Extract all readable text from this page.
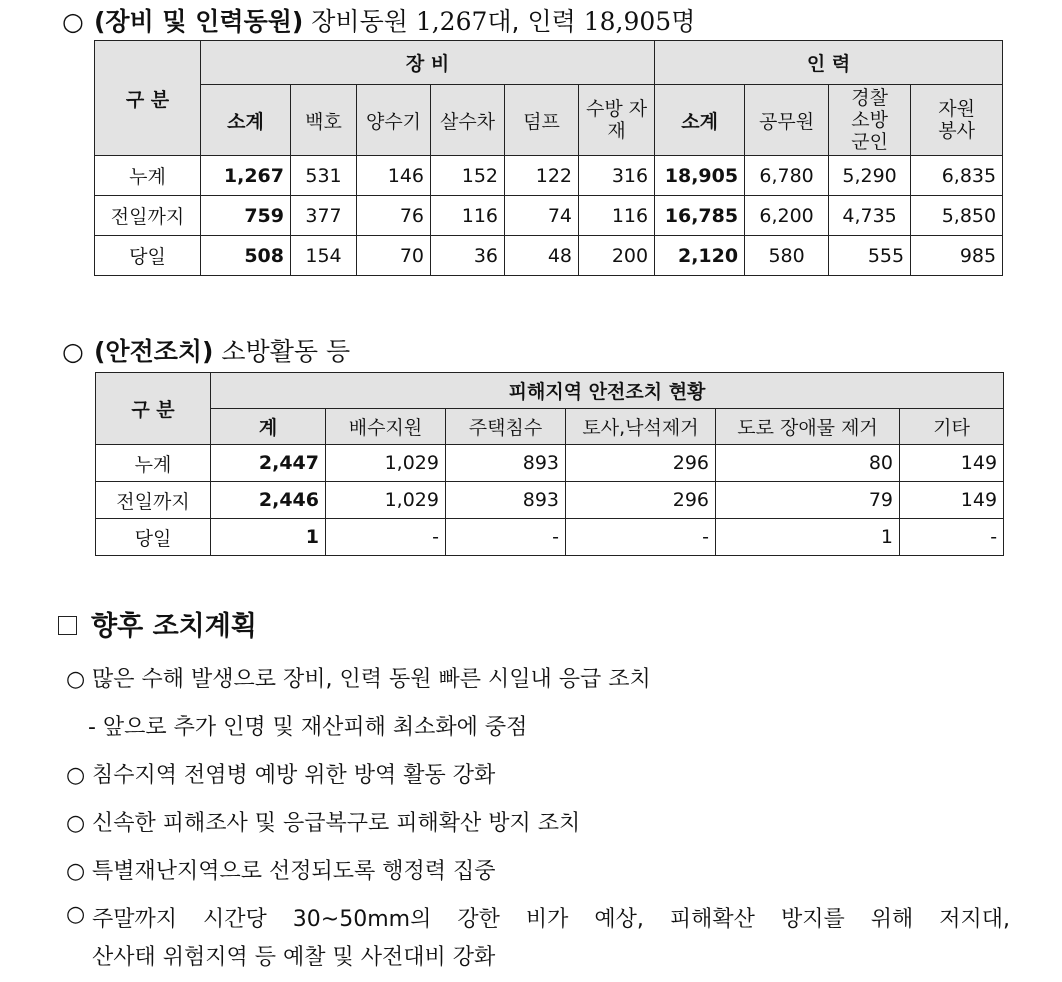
○ (장비 및 인력동원) 장비동원 1,267대, 인력 18,905명
구 분	장 비						인 력			
	소계	백호	양수기	살수차	덤프	수방 자재	소계	공무원	경찰 소방 군인	자원 봉사
누계	1,267	531	146	152	122	316	18,905	6,780	5,290	6,835
전일까지	759	377	76	116	74	116	16,785	6,200	4,735	5,850
당일	508	154	70	36	48	200	2,120	580	555	985
○ (안전조치) 소방활동 등
구 분	피해지역 안전조치 현황					
	계	배수지원	주택침수	토사,낙석제거	도로 장애물 제거	기타
누계	2,447	1,029	893	296	80	149
전일까지	2,446	1,029	893	296	79	149
당일	1	-	-	-	1	-
향후 조치계획
○ 많은 수해 발생으로 장비, 인력 동원 빠른 시일내 응급 조치
- 앞으로 추가 인명 및 재산피해 최소화에 중점
○ 침수지역 전염병 예방 위한 방역 활동 강화
○ 신속한 피해조사 및 응급복구로 피해확산 방지 조치
○ 특별재난지역으로 선정되도록 행정력 집중
○ 주말까지 시간당 30~50mm의 강한 비가 예상, 피해확산 방지를 위해 저지대,
산사태 위험지역 등 예찰 및 사전대비 강화
